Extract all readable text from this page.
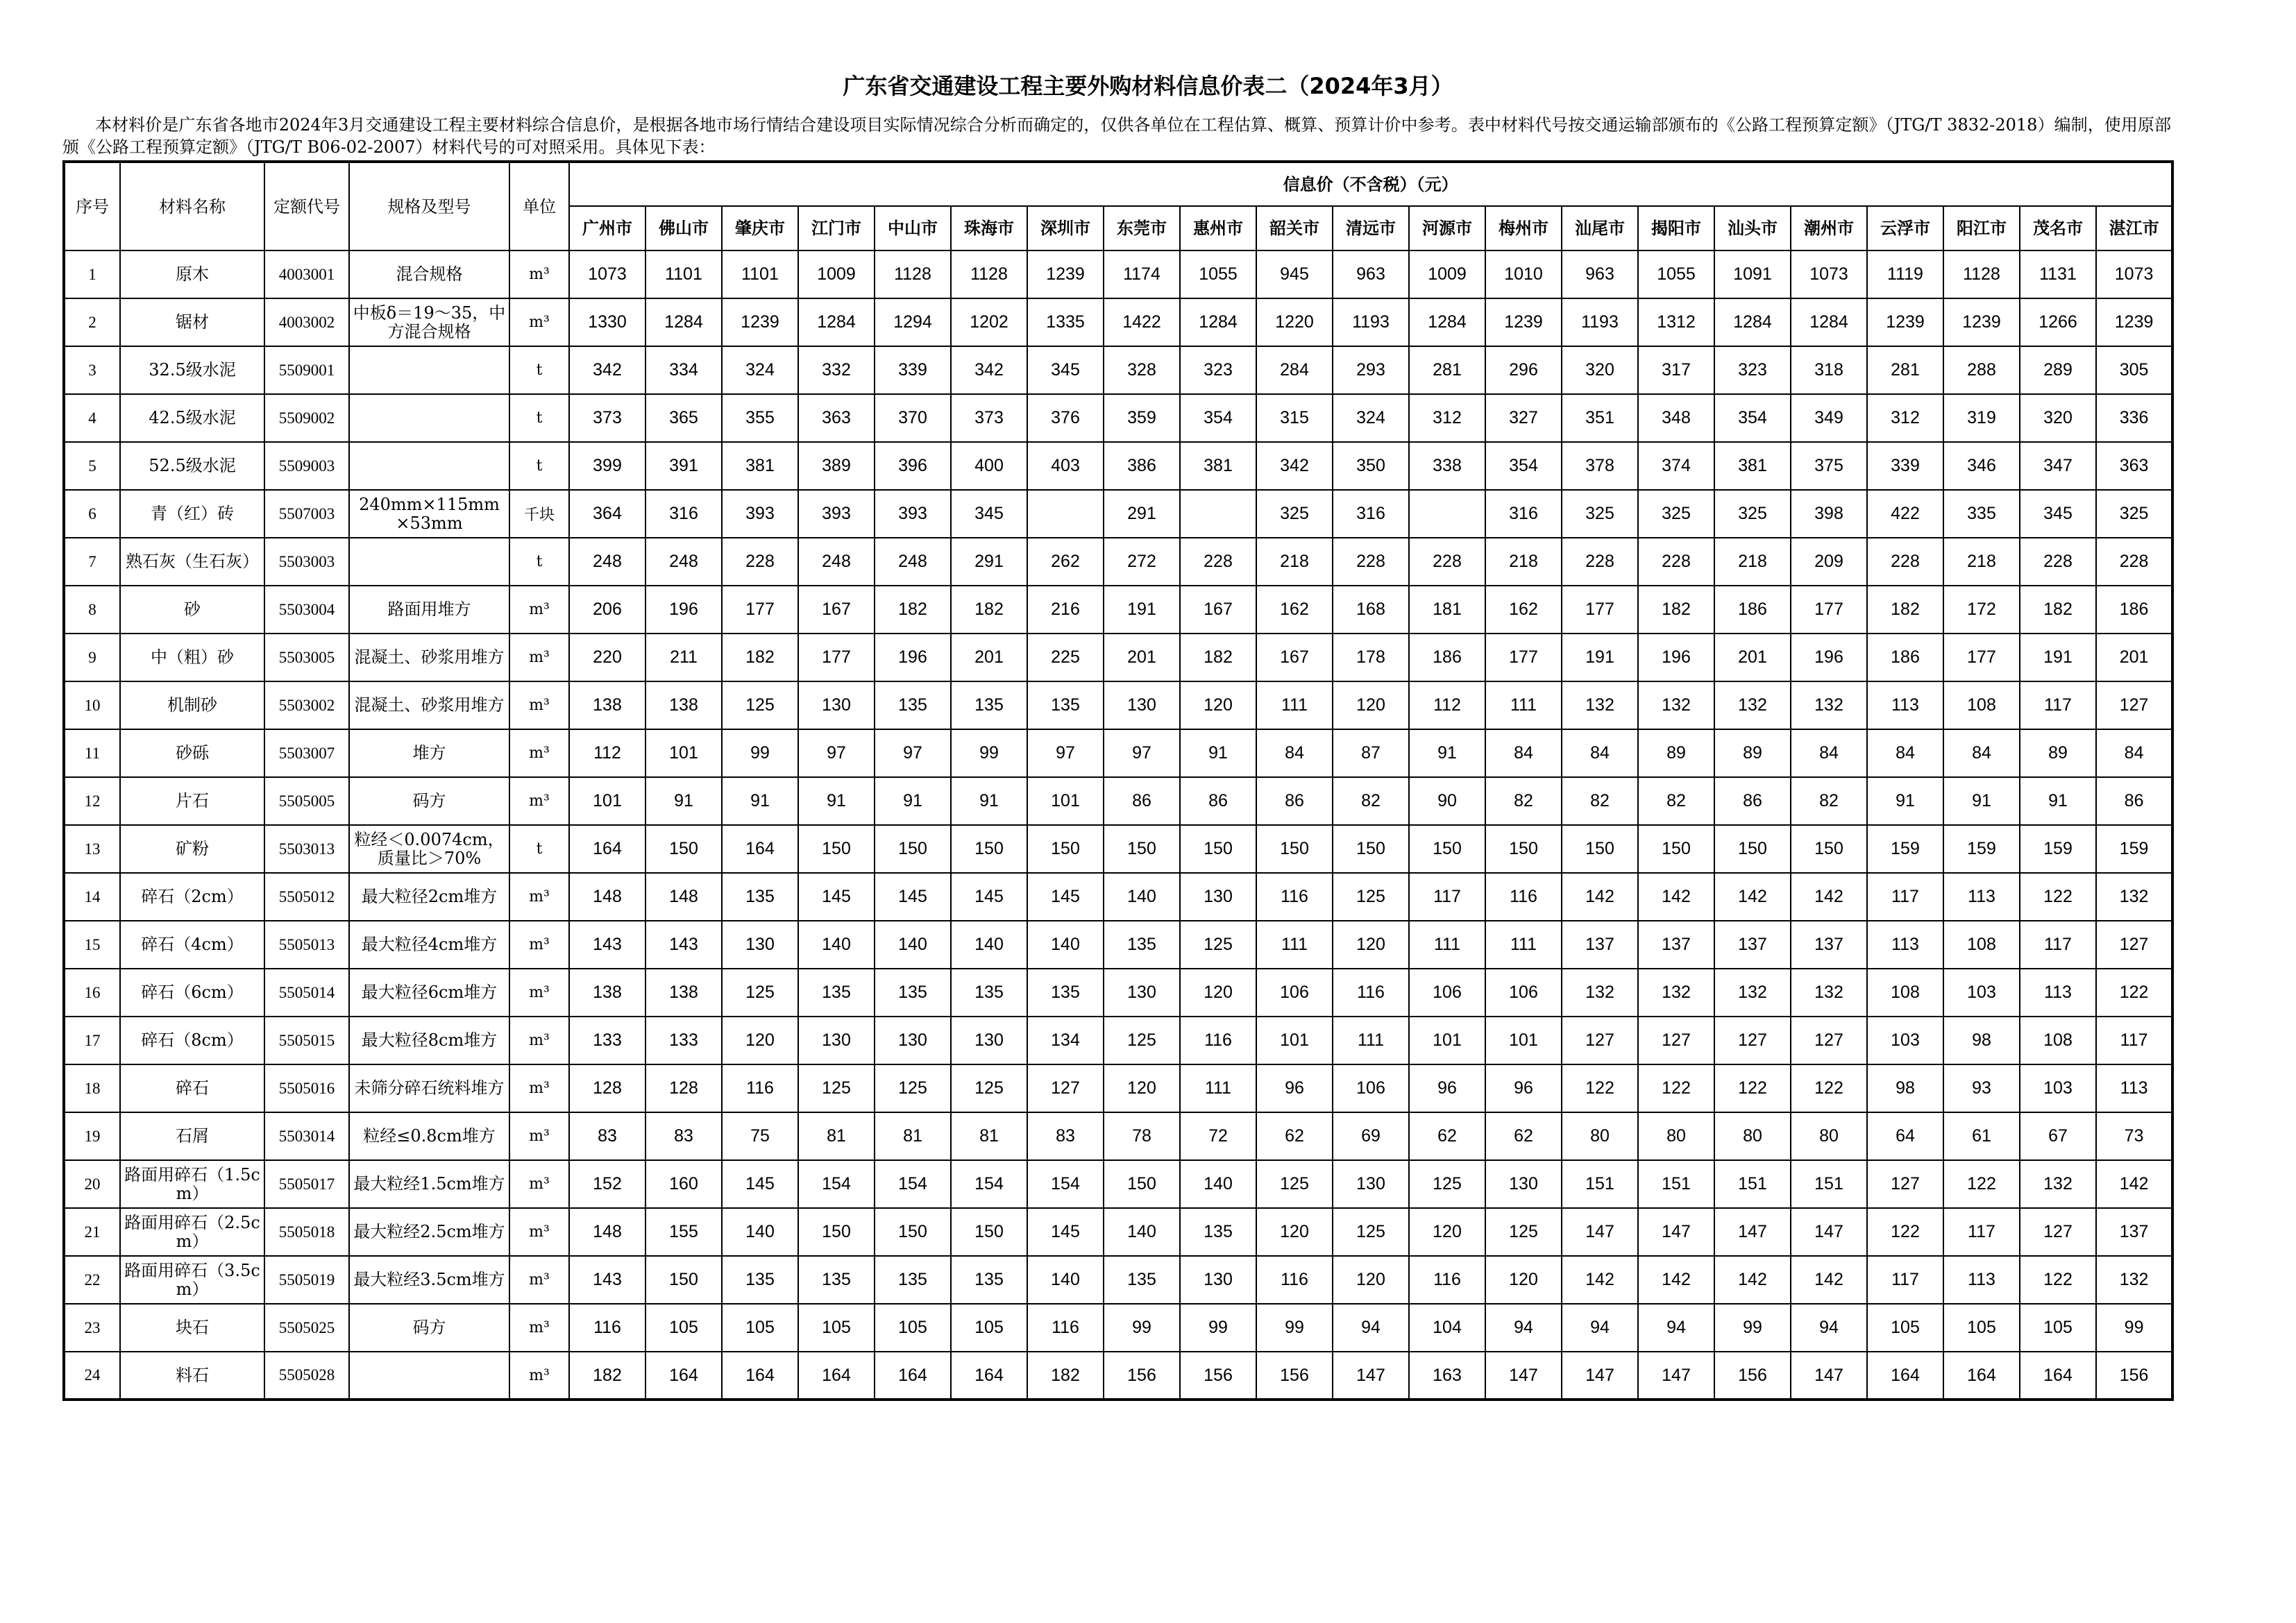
广东省交通建设工程主要外购材料信息价表二（2024年3月）
本材料价是广东省各地市2024年3月交通建设工程主要材料综合信息价，是根据各地市场行情结合建设项目实际情况综合分析而确定的，仅供各单位在工程估算、概算、预算计价中参考。表中材料代号按交通运输部颁布的《公路工程预算定额》（JTG/T 3832-2018）编制，使用原部颁《公路工程预算定额》（JTG/T B06-02-2007）材料代号的可对照采用。具体见下表：
序号	材料名称	定额代号	规格及型号	单位	信息价（不含税）（元）																				
					广州市	佛山市	肇庆市	江门市	中山市	珠海市	深圳市	东莞市	惠州市	韶关市	清远市	河源市	梅州市	汕尾市	揭阳市	汕头市	潮州市	云浮市	阳江市	茂名市	湛江市
1	原木	4003001	混合规格	m³	1073	1101	1101	1009	1128	1128	1239	1174	1055	945	963	1009	1010	963	1055	1091	1073	1119	1128	1131	1073
2	锯材	4003002	中板δ＝19～35，中方混合规格	m³	1330	1284	1239	1284	1294	1202	1335	1422	1284	1220	1193	1284	1239	1193	1312	1284	1284	1239	1239	1266	1239
3	32.5级水泥	5509001		t	342	334	324	332	339	342	345	328	323	284	293	281	296	320	317	323	318	281	288	289	305
4	42.5级水泥	5509002		t	373	365	355	363	370	373	376	359	354	315	324	312	327	351	348	354	349	312	319	320	336
5	52.5级水泥	5509003		t	399	391	381	389	396	400	403	386	381	342	350	338	354	378	374	381	375	339	346	347	363
6	青（红）砖	5507003	240mm×115mm×53mm	千块	364	316	393	393	393	345		291		325	316		316	325	325	325	398	422	335	345	325
7	熟石灰（生石灰）	5503003		t	248	248	228	248	248	291	262	272	228	218	228	228	218	228	228	218	209	228	218	228	228
8	砂	5503004	路面用堆方	m³	206	196	177	167	182	182	216	191	167	162	168	181	162	177	182	186	177	182	172	182	186
9	中（粗）砂	5503005	混凝土、砂浆用堆方	m³	220	211	182	177	196	201	225	201	182	167	178	186	177	191	196	201	196	186	177	191	201
10	机制砂	5503002	混凝土、砂浆用堆方	m³	138	138	125	130	135	135	135	130	120	111	120	112	111	132	132	132	132	113	108	117	127
11	砂砾	5503007	堆方	m³	112	101	99	97	97	99	97	97	91	84	87	91	84	84	89	89	84	84	84	89	84
12	片石	5505005	码方	m³	101	91	91	91	91	91	101	86	86	86	82	90	82	82	82	86	82	91	91	91	86
13	矿粉	5503013	粒经＜0.0074cm，质量比＞70%	t	164	150	164	150	150	150	150	150	150	150	150	150	150	150	150	150	150	159	159	159	159
14	碎石（2cm）	5505012	最大粒径2cm堆方	m³	148	148	135	145	145	145	145	140	130	116	125	117	116	142	142	142	142	117	113	122	132
15	碎石（4cm）	5505013	最大粒径4cm堆方	m³	143	143	130	140	140	140	140	135	125	111	120	111	111	137	137	137	137	113	108	117	127
16	碎石（6cm）	5505014	最大粒径6cm堆方	m³	138	138	125	135	135	135	135	130	120	106	116	106	106	132	132	132	132	108	103	113	122
17	碎石（8cm）	5505015	最大粒径8cm堆方	m³	133	133	120	130	130	130	134	125	116	101	111	101	101	127	127	127	127	103	98	108	117
18	碎石	5505016	未筛分碎石统料堆方	m³	128	128	116	125	125	125	127	120	111	96	106	96	96	122	122	122	122	98	93	103	113
19	石屑	5503014	粒经≤0.8cm堆方	m³	83	83	75	81	81	81	83	78	72	62	69	62	62	80	80	80	80	64	61	67	73
20	路面用碎石（1.5cm）	5505017	最大粒经1.5cm堆方	m³	152	160	145	154	154	154	154	150	140	125	130	125	130	151	151	151	151	127	122	132	142
21	路面用碎石（2.5cm）	5505018	最大粒经2.5cm堆方	m³	148	155	140	150	150	150	145	140	135	120	125	120	125	147	147	147	147	122	117	127	137
22	路面用碎石（3.5cm）	5505019	最大粒经3.5cm堆方	m³	143	150	135	135	135	135	140	135	130	116	120	116	120	142	142	142	142	117	113	122	132
23	块石	5505025	码方	m³	116	105	105	105	105	105	116	99	99	99	94	104	94	94	94	99	94	105	105	105	99
24	料石	5505028		m³	182	164	164	164	164	164	182	156	156	156	147	163	147	147	147	156	147	164	164	164	156
